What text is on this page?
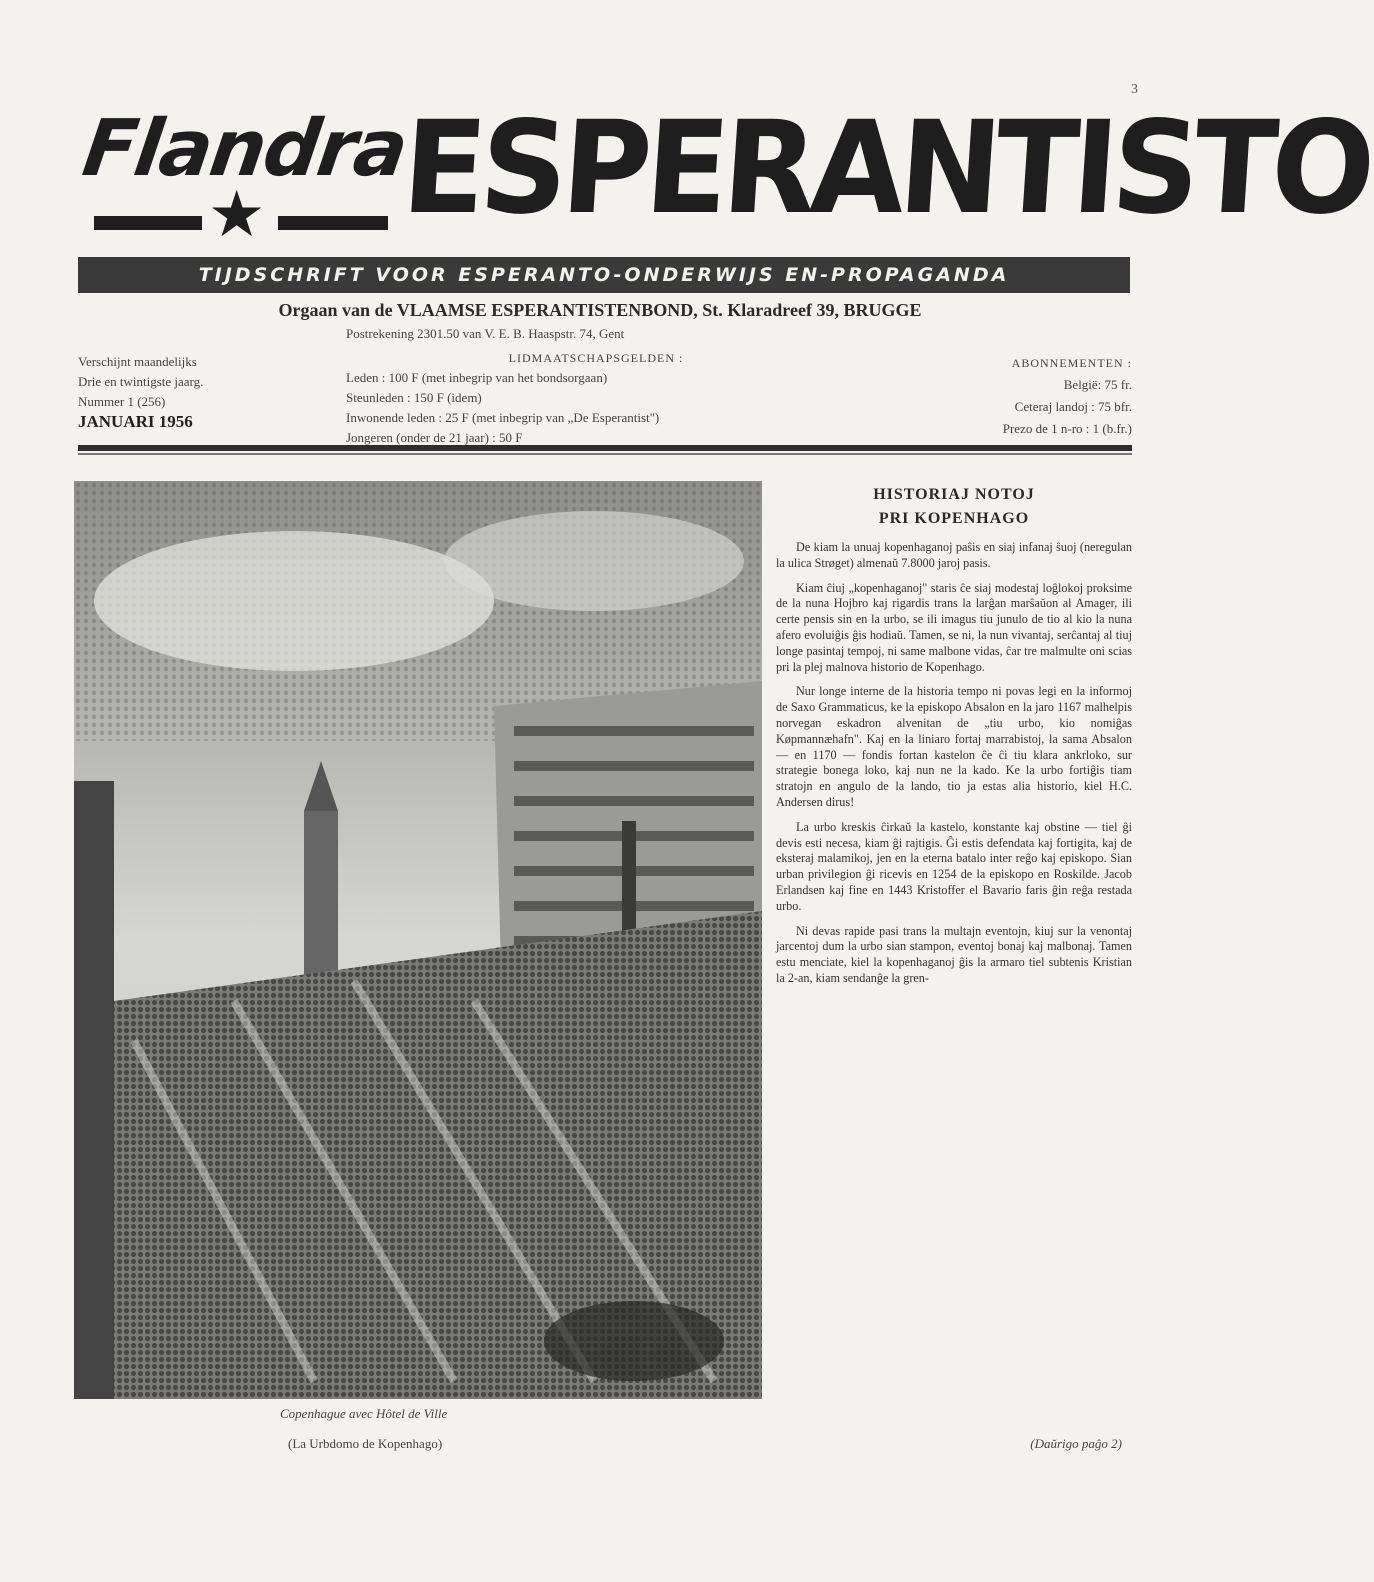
3
Flandra
★ ESPERANTISTO
TIJDSCHRIFT VOOR ESPERANTO-ONDERWIJS EN-PROPAGANDA
Orgaan van de VLAAMSE ESPERANTISTENBOND, St. Klaradreef 39, BRUGGE
Postrekening 2301.50 van V. E. B. Haaspstr. 74, Gent
Verschijnt maandelijks
Drie en twintigste jaarg.
Nummer 1 (256)
JANUARI 1956
LIDMAATSCHAPSGELDEN :
Leden : 100 F (met inbegrip van het bondsorgaan)
Steunleden : 150 F (idem)
Inwonende leden : 25 F (met inbegrip van „De Esperantist")
Jongeren (onder de 21 jaar) : 50 F
ABONNEMENTEN :
België: 75 fr.
Ceteraj landoj : 75 bfr.
Prezo de 1 n-ro : 1 (b.fr.)
Copenhague avec Hôtel de Ville
(La Urbdomo de Kopenhago)
HISTORIAJ NOTOJ
PRI KOPENHAGO

De kiam la unuaj kopenhaganoj paŝis en siaj infanaj ŝuoj (neregulan la ulica Strøget) almenaŭ 7.8000 jaroj pasis.

Kiam ĉiuj „kopenhaganoj" staris ĉe siaj modestaj loĝlokoj proksime de la nuna Hojbro kaj rigardis trans la larĝan marŝaŭon al Amager, ili certe pensis sin en la urbo, se ili imagus tiu junulo de tio al kio la nuna afero evoluiĝis ĝis hodiaŭ. Tamen, se ni, la nun vivantaj, serĉantaj al tiuj longe pasintaj tempoj, ni same malbone vidas, ĉar tre malmulte oni scias pri la plej malnova historio de Kopenhago.

Nur longe interne de la historia tempo ni povas legi en la informoj de Saxo Grammaticus, ke la episkopo Absalon en la jaro 1167 malhelpis norvegan eskadron alvenitan de „tiu urbo, kio nomiĝas Køpmannæhafn". Kaj en la liniaro fortaj marrabistoj, la sama Absalon — en 1170 — fondis fortan kastelon ĉe ĉi tiu klara ankrloko, sur strategie bonega loko, kaj nun ne la kado. Ke la urbo fortiĝis tiam stratojn en angulo de la lando, tio ja estas alia historio, kiel H.C. Andersen dirus!

La urbo kreskis ĉirkaŭ la kastelo, konstante kaj obstine — tiel ĝi devis esti necesa, kiam ĝi rajtigis. Ĝi estis defendata kaj fortigita, kaj de eksteraj malamikoj, jen en la eterna batalo inter reĝo kaj episkopo. Sian urban privilegion ĝi ricevis en 1254 de la episkopo en Roskilde. Jacob Erlandsen kaj fine en 1443 Kristoffer el Bavario faris ĝin reĝa restada urbo.

Ni devas rapide pasi trans la multajn eventojn, kiuj sur la venontaj jarcentoj dum la urbo sian stampon, eventoj bonaj kaj malbonaj. Tamen estu menciate, kiel la kopenhaganoj ĝis la armaro tiel subtenis Kristian la 2-an, kiam sendanĝe la gren-

(Daŭrigo paĝo 2)
